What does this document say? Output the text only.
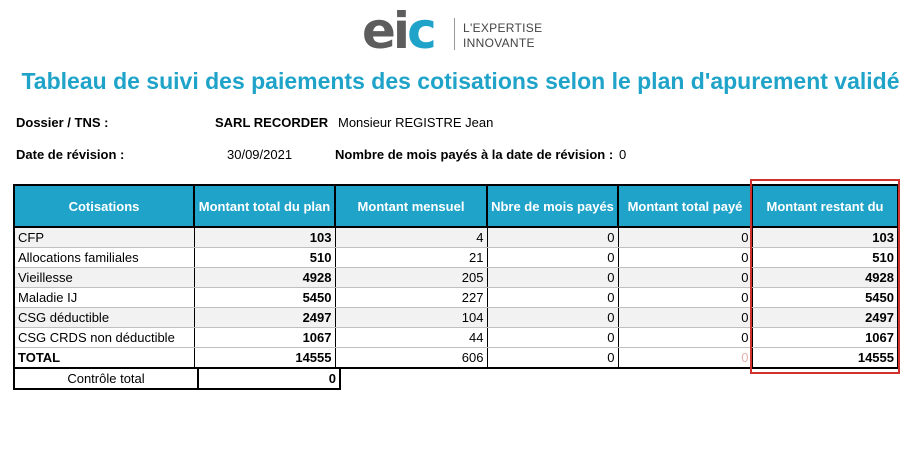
eic L'EXPERTISE
INNOVANTE
Tableau de suivi des paiements des cotisations selon le plan d'apurement validé
Dossier / TNS :	SARL RECORDER Monsieur REGISTRE Jean
Date de révision :	30/09/2021	Nombre de mois payés à la date de révision : 0
Cotisations	Montant total du plan	Montant mensuel	Nbre de mois payés	Montant total payé	Montant restant du
CFP	103	4	0	0	103
Allocations familiales	510	21	0	0	510
Vieillesse	4928	205	0	0	4928
Maladie IJ	5450	227	0	0	5450
CSG déductible	2497	104	0	0	2497
CSG CRDS non déductible	1067	44	0	0	1067
TOTAL	14555	606	0	0	14555
Contrôle total	0
